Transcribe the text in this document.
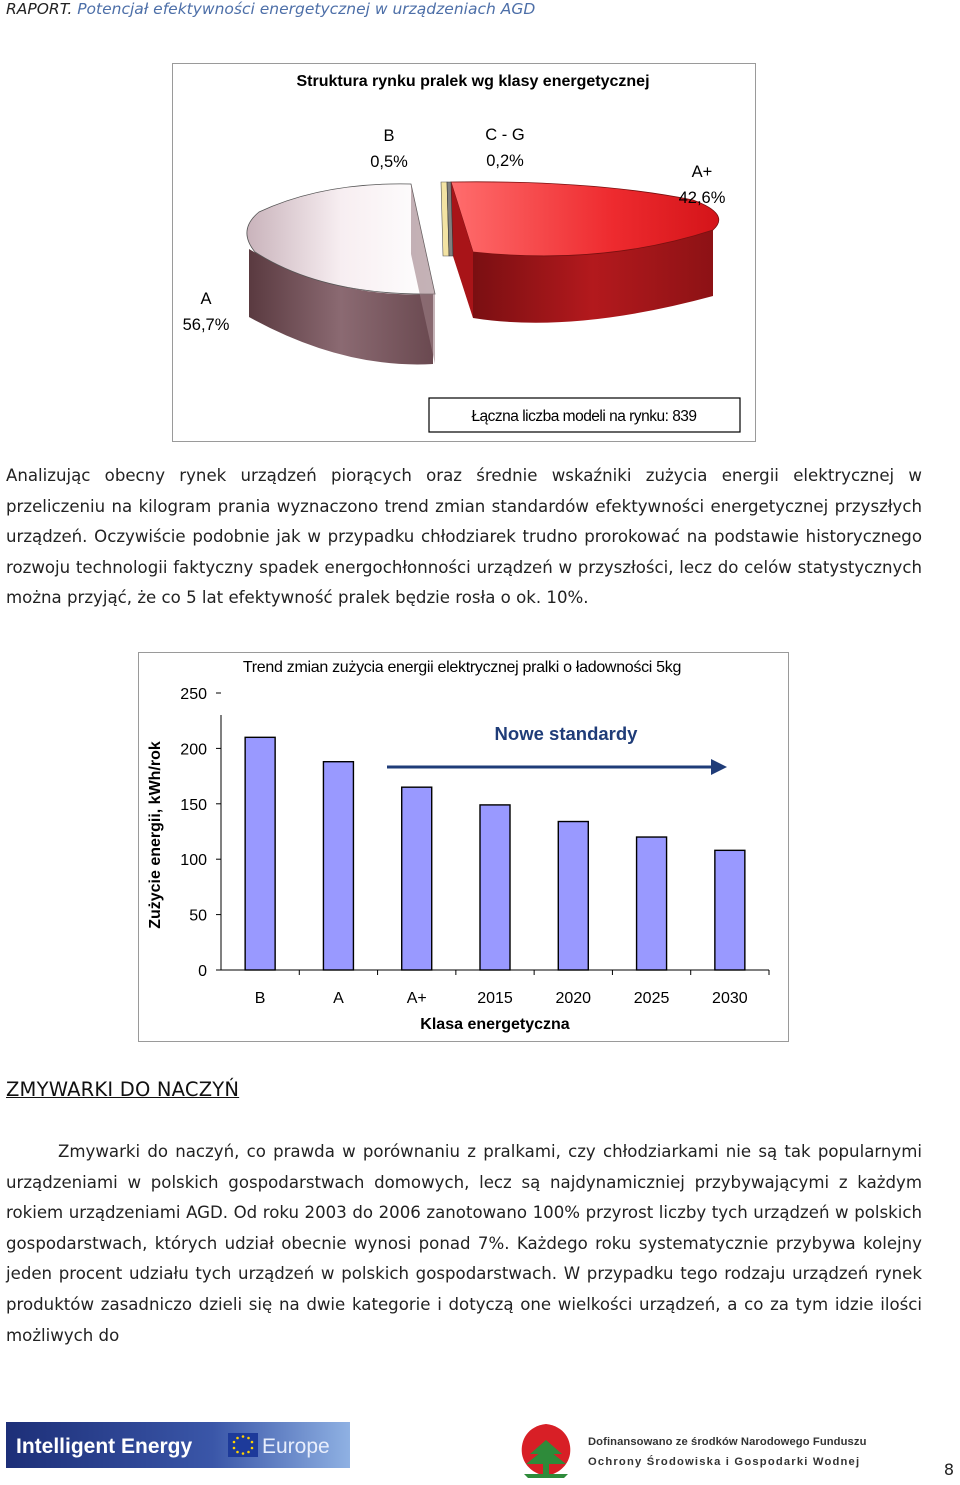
RAPORT. Potencjał efektywności energetycznej w urządzeniach AGD
Struktura rynku pralek wg klasy energetycznej
B
0,5%
C - G
0,2%
A+
42,6%
A
56,7%
Łączna liczba modeli na rynku: 839

Analizując obecny rynek urządzeń piorących oraz średnie wskaźniki zużycia energii elektrycznej w przeliczeniu na kilogram prania wyznaczono trend zmian standardów efektywności energetycznej przyszłych urządzeń. Oczywiście podobnie jak w przypadku chłodziarek trudno prorokować na podstawie historycznego rozwoju technologii faktyczny spadek energochłonności urządzeń w przyszłości, lecz do celów statystycznych można przyjąć, że co 5 lat efektywność pralek będzie rosła o ok. 10%.

Trend zmian zużycia energii elektrycznej pralki o ładowności 5kg
Zużycie energii, kWh/rok
0
50
100
150
200
250
B	A	A+	2015	2020	2025	2030
Klasa energetyczna
Nowe standardy
ZMYWARKI DO NACZYŃ

Zmywarki do naczyń, co prawda w porównaniu z pralkami, czy chłodziarkami nie są tak popularnymi urządzeniami w polskich gospodarstwach domowych, lecz są najdynamiczniej przybywającymi z każdym rokiem urządzeniami AGD. Od roku 2003 do 2006 zanotowano 100% przyrost liczby tych urządzeń w polskich gospodarstwach, których udział obecnie wynosi ponad 7%. Każdego roku systematycznie przybywa kolejny jeden procent udziału tych urządzeń w polskich gospodarstwach. W przypadku tego rodzaju urządzeń rynek produktów zasadniczo dzieli się na dwie kategorie i dotyczą one wielkości urządzeń, a co za tym idzie ilości możliwych do

Intelligent Energy	Europe	Dofinansowano ze środków Narodowego Funduszu
Ochrony Środowiska i Gospodarki Wodnej	8
